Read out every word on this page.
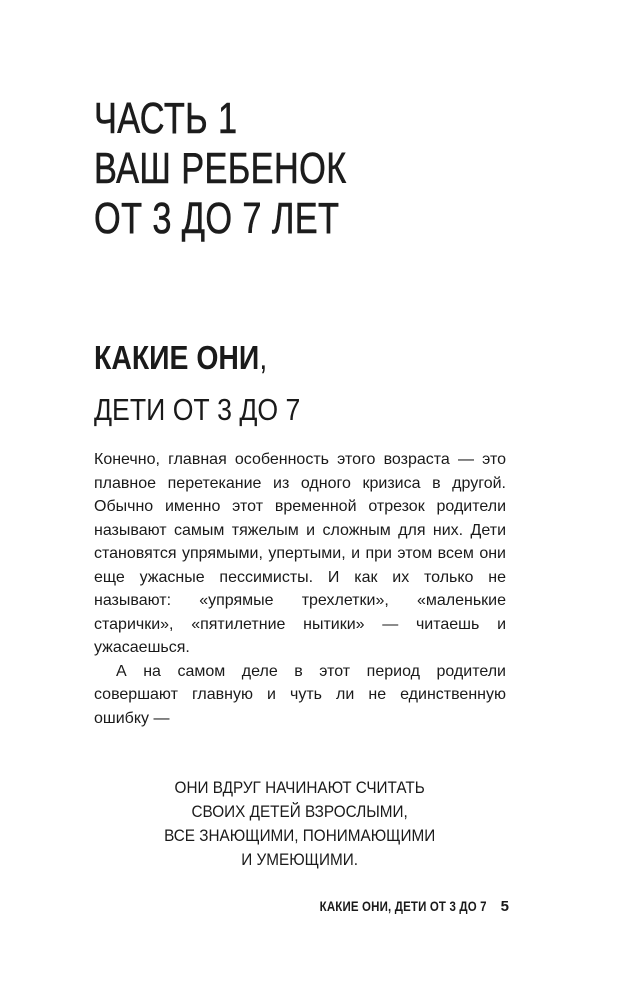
ЧАСТЬ 1
ВАШ РЕБЕНОК
ОТ 3 ДО 7 ЛЕТ
КАКИЕ ОНИ,
ДЕТИ ОТ 3 ДО 7

Конечно, главная особенность этого возраста — это плавное перетекание из одного кризиса в другой. Обычно именно этот временной отрезок родители называют самым тяжелым и сложным для них. Дети становятся упрямыми, упертыми, и при этом всем они еще ужасные пессимисты. И как их только не называют: «упрямые трехлетки», «маленькие старички», «пятилетние нытики» — читаешь и ужасаешься.

А на самом деле в этот период родители совершают главную и чуть ли не единственную ошибку —

ОНИ ВДРУГ НАЧИНАЮТ СЧИТАТЬ
СВОИХ ДЕТЕЙ ВЗРОСЛЫМИ,
ВСЕ ЗНАЮЩИМИ, ПОНИМАЮЩИМИ
И УМЕЮЩИМИ.
КАКИЕ ОНИ, ДЕТИ ОТ 3 ДО 7 5
